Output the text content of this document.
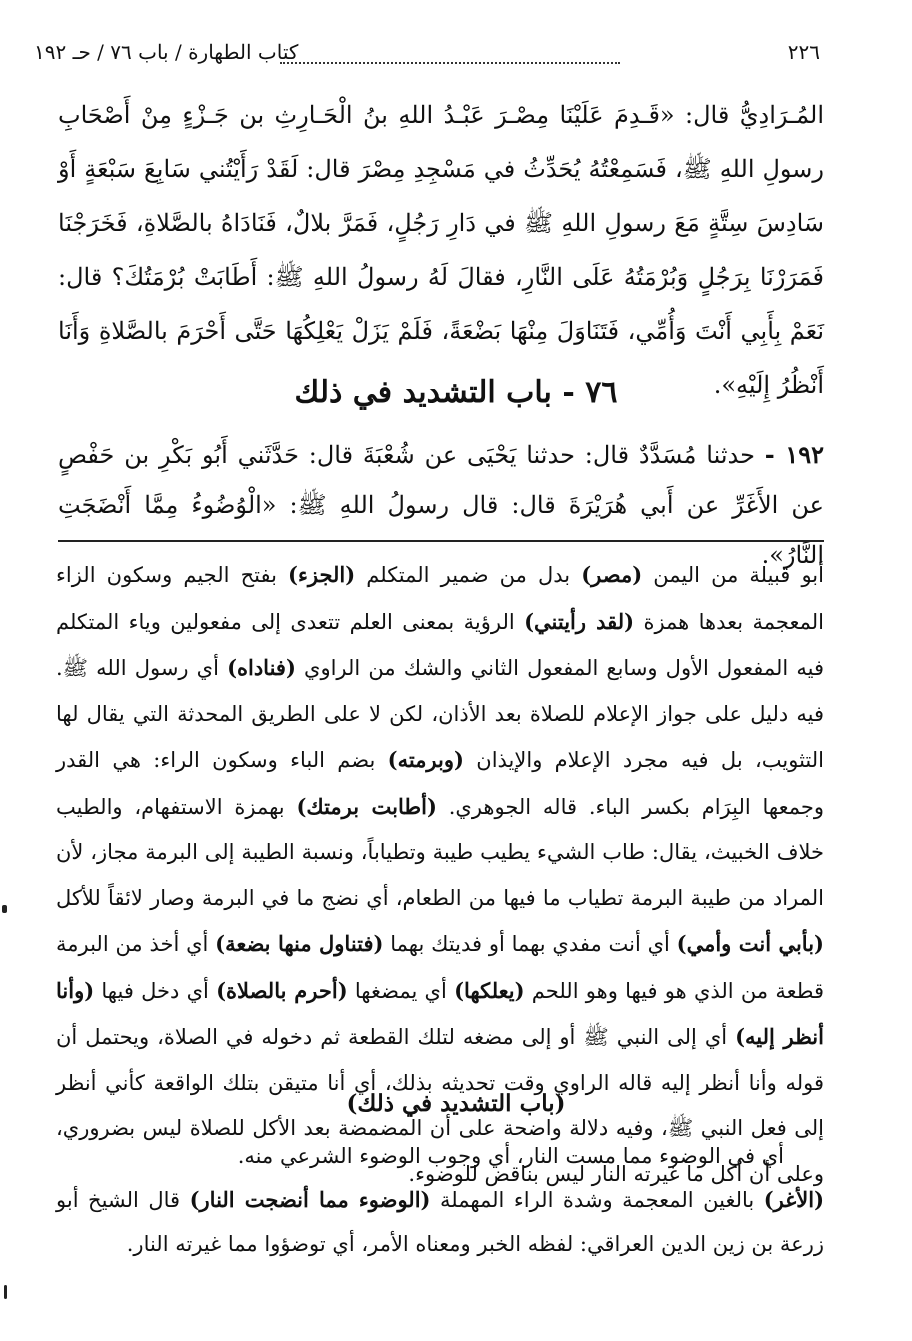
٢٢٦
كتاب الطهارة / باب ٧٦ / حـ ١٩٢

المُـرَادِيُّ قال: «قَـدِمَ عَلَيْنَا مِصْـرَ عَبْـدُ اللهِ بنُ الْحَـارِثِ بن جَـزْءٍ مِنْ أَصْحَابِ رسولِ اللهِ ﷺ، فَسَمِعْتُهُ يُحَدِّثُ في مَسْجِدِ مِصْرَ قال: لَقَدْ رَأَيْتُني سَابِعَ سَبْعَةٍ أَوْ سَادِسَ سِتَّةٍ مَعَ رسولِ اللهِ ﷺ في دَارِ رَجُلٍ، فَمَرَّ بلالٌ، فَنَادَاهُ بالصَّلاةِ، فَخَرَجْنَا فَمَرَرْنَا بِرَجُلٍ وَبُرْمَتُهُ عَلَى النَّارِ، فقالَ لَهُ رسولُ اللهِ ﷺ: أَطَابَتْ بُرْمَتُكَ؟ قال: نَعَمْ بِأَبِي أَنْتَ وَأُمِّي، فَتَنَاوَلَ مِنْهَا بَضْعَةً، فَلَمْ يَزَلْ يَعْلِكُهَا حَتَّى أَحْرَمَ بالصَّلاةِ وَأَنَا أَنْظُرُ إِلَيْهِ».

٧٦ - باب التشديد في ذلك
١٩٢ - حدثنا مُسَدَّدٌ قال: حدثنا يَحْيَى عن شُعْبَةَ قال: حَدَّثَني أَبُو بَكْرِ بن حَفْصٍ عن الأَغَرِّ عن أَبي هُرَيْرَةَ قال: قال رسولُ اللهِ ﷺ: «الْوُضُوءُ مِمَّا أَنْضَجَتِ النَّارُ».

أبو قبيلة من اليمن (مصر) بدل من ضمير المتكلم (الجزء) بفتح الجيم وسكون الزاء المعجمة بعدها همزة (لقد رأيتني) الرؤية بمعنى العلم تتعدى إلى مفعولين وياء المتكلم فيه المفعول الأول وسابع المفعول الثاني والشك من الراوي (فناداه) أي رسول الله ﷺ. فيه دليل على جواز الإعلام للصلاة بعد الأذان، لكن لا على الطريق المحدثة التي يقال لها التثويب، بل فيه مجرد الإعلام والإيذان (وبرمته) بضم الباء وسكون الراء: هي القدر وجمعها البِرَام بكسر الباء. قاله الجوهري. (أطابت برمتك) بهمزة الاستفهام، والطيب خلاف الخبيث، يقال: طاب الشيء يطيب طيبة وتطياباً، ونسبة الطيبة إلى البرمة مجاز، لأن المراد من طيبة البرمة تطياب ما فيها من الطعام، أي نضج ما في البرمة وصار لائقاً للأكل (بأبي أنت وأمي) أي أنت مفدي بهما أو فديتك بهما (فتناول منها بضعة) أي أخذ من البرمة قطعة من الذي هو فيها وهو اللحم (يعلكها) أي يمضغها (أحرم بالصلاة) أي دخل فيها (وأنا أنظر إليه) أي إلى النبي ﷺ أو إلى مضغه لتلك القطعة ثم دخوله في الصلاة، ويحتمل أن قوله وأنا أنظر إليه قاله الراوي وقت تحديثه بذلك، أي أنا متيقن بتلك الواقعة كأني أنظر إلى فعل النبي ﷺ، وفيه دلالة واضحة على أن المضمضة بعد الأكل للصلاة ليس بضروري، وعلى أن أكل ما غيرته النار ليس بناقض للوضوء.

(باب التشديد في ذلك)

أي في الوضوء مما مست النار، أي وجوب الوضوء الشرعي منه.

(الأغر) بالغين المعجمة وشدة الراء المهملة (الوضوء مما أنضجت النار) قال الشيخ أبو زرعة بن زين الدين العراقي: لفظه الخبر ومعناه الأمر، أي توضؤوا مما غيرته النار.
